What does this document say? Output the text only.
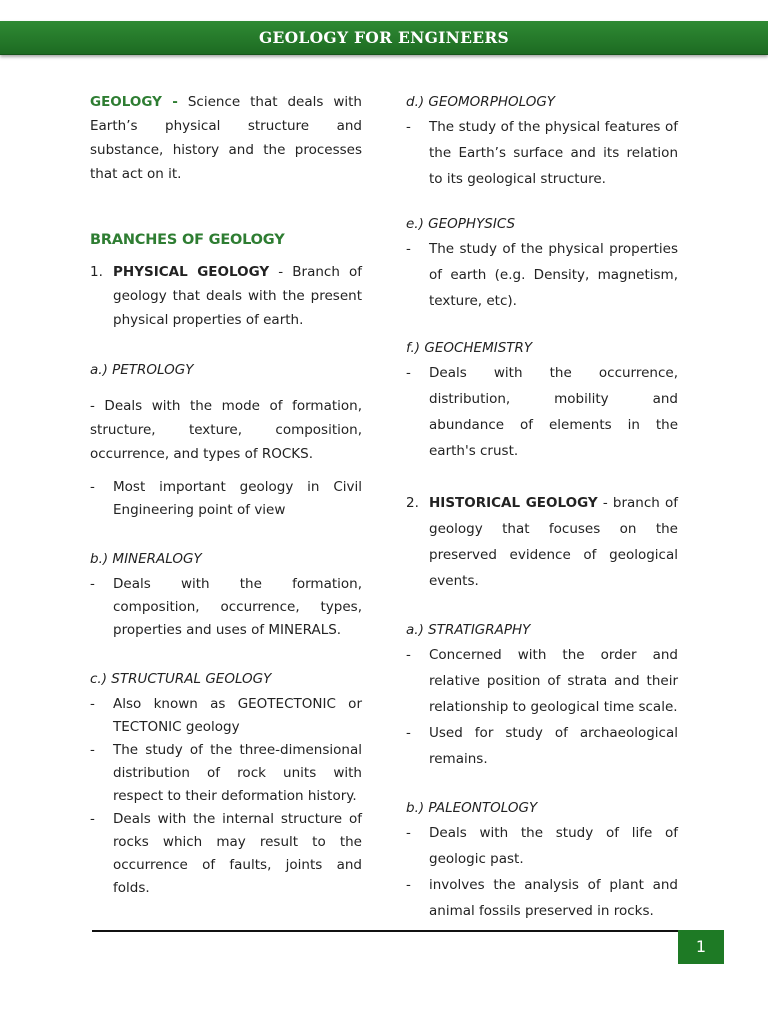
GEOLOGY FOR ENGINEERS

GEOLOGY - Science that deals with Earth’s physical structure and substance, history and the processes that act on it.

BRANCHES OF GEOLOGY
1. PHYSICAL GEOLOGY - Branch of geology that deals with the present physical properties of earth.

a.) PETROLOGY

- Deals with the mode of formation, structure, texture, composition, occurrence, and types of ROCKS.

- Most important geology in Civil Engineering point of view

b.) MINERALOGY

- Deals with the formation, composition, occurrence, types, properties and uses of MINERALS.

c.) STRUCTURAL GEOLOGY

- Also known as GEOTECTONIC or TECTONIC geology
- The study of the three-dimensional distribution of rock units with respect to their deformation history.
- Deals with the internal structure of rocks which may result to the occurrence of faults, joints and folds.

d.) GEOMORPHOLOGY

- The study of the physical features of the Earth’s surface and its relation to its geological structure.

e.) GEOPHYSICS

- The study of the physical properties of earth (e.g. Density, magnetism, texture, etc).

f.) GEOCHEMISTRY

- Deals with the occurrence, distribution, mobility and abundance of elements in the earth's crust.
2. HISTORICAL GEOLOGY - branch of geology that focuses on the preserved evidence of geological events.

a.) STRATIGRAPHY

- Concerned with the order and relative position of strata and their relationship to geological time scale.
- Used for study of archaeological remains.

b.) PALEONTOLOGY

- Deals with the study of life of geologic past.
- involves the analysis of plant and animal fossils preserved in rocks.
1
